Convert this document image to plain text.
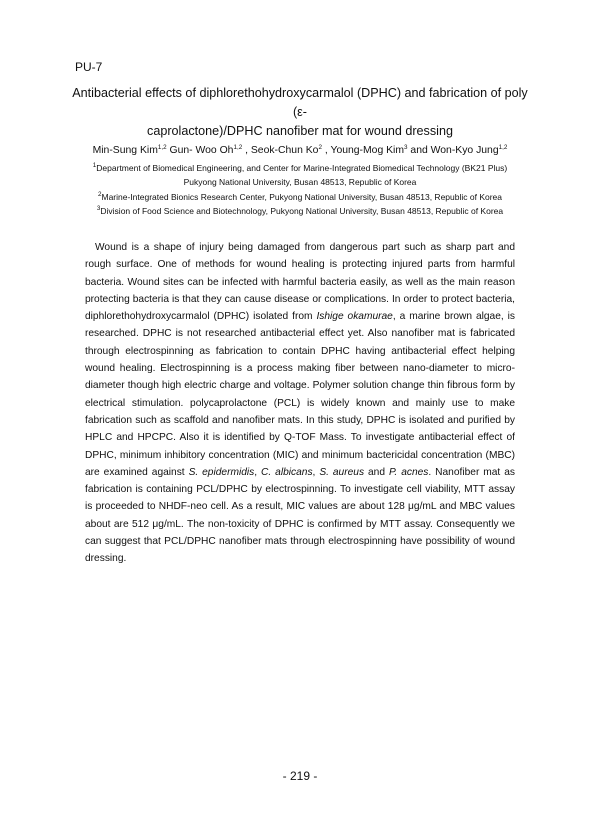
PU-7
Antibacterial effects of diphlorethohydroxycarmalol (DPHC) and fabrication of poly (ε-
caprolactone)/DPHC nanofiber mat for wound dressing
Min-Sung Kim$^{1,2}$ Gun- Woo Oh$^{1,2}$ , Seok-Chun Ko$^2$ , Young-Mog Kim$^3$ and Won-Kyo Jung$^{1,2}$
$^1$Department of Biomedical Engineering, and Center for Marine-Integrated Biomedical Technology (BK21 Plus)
Pukyong National University, Busan 48513, Republic of Korea
$^2$Marine-Integrated Bionics Research Center, Pukyong National University, Busan 48513, Republic of Korea
$^3$Division of Food Science and Biotechnology, Pukyong National University, Busan 48513, Republic of Korea
Wound is a shape of injury being damaged from dangerous part such as sharp part and rough surface. One of methods for wound healing is protecting injured parts from harmful bacteria. Wound sites can be infected with harmful bacteria easily, as well as the main reason protecting bacteria is that they can cause disease or complications. In order to protect bacteria, diphlorethohydroxycarmalol (DPHC) isolated from Ishige okamurae, a marine brown algae, is researched. DPHC is not researched antibacterial effect yet. Also nanofiber mat is fabricated through electrospinning as fabrication to contain DPHC having antibacterial effect helping wound healing. Electrospinning is a process making fiber between nano-diameter to micro-diameter though high electric charge and voltage. Polymer solution change thin fibrous form by electrical stimulation. polycaprolactone (PCL) is widely known and mainly use to make fabrication such as scaffold and nanofiber mats. In this study, DPHC is isolated and purified by HPLC and HPCPC. Also it is identified by Q-TOF Mass. To investigate antibacterial effect of DPHC, minimum inhibitory concentration (MIC) and minimum bactericidal concentration (MBC) are examined against S. epidermidis, C. albicans, S. aureus and P. acnes. Nanofiber mat as fabrication is containing PCL/DPHC by electrospinning. To investigate cell viability, MTT assay is proceeded to NHDF-neo cell. As a result, MIC values are about 128 μg/mL and MBC values about are 512 μg/mL. The non-toxicity of DPHC is confirmed by MTT assay. Consequently we can suggest that PCL/DPHC nanofiber mats through electrospinning have possibility of wound dressing.
- 219 -
